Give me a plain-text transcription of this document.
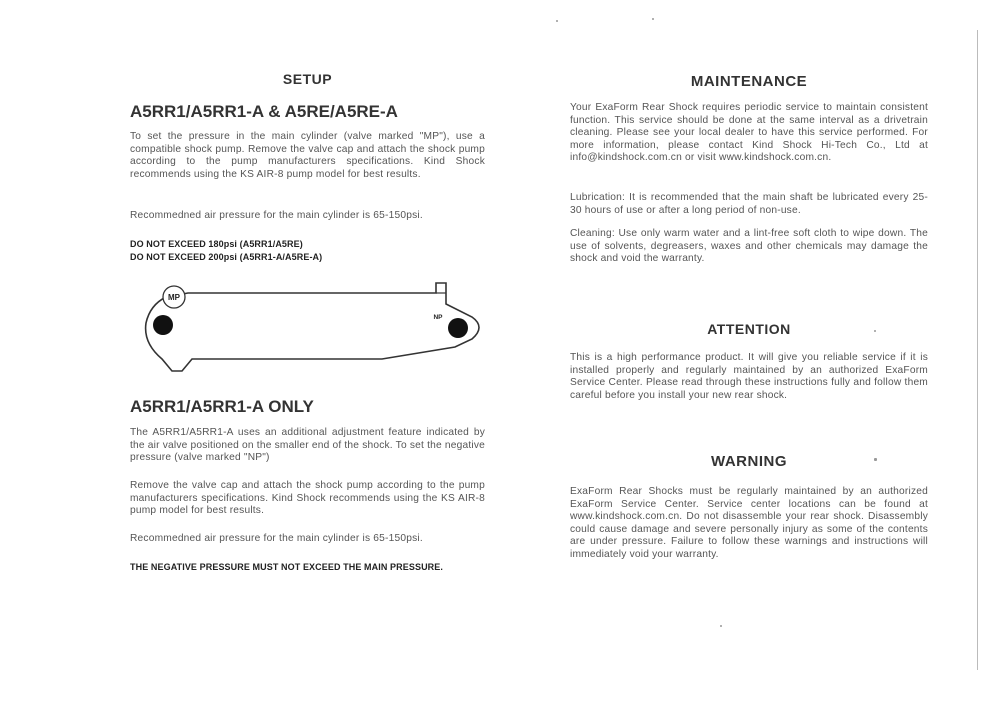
SETUP
A5RR1/A5RR1-A & A5RE/A5RE-A
To set the pressure in the main cylinder (valve marked "MP"), use a compatible shock pump. Remove the valve cap and attach the shock pump according to the pump manufacturers specifications. Kind Shock recommends using the KS AIR-8 pump model for best results.
Recommedned air pressure for the main cylinder is 65-150psi.
DO NOT EXCEED 180psi (A5RR1/A5RE)
DO NOT EXCEED 200psi (A5RR1-A/A5RE-A)
MP
NP
A5RR1/A5RR1-A ONLY
The A5RR1/A5RR1-A uses an additional adjustment feature indicated by the air valve positioned on the smaller end of the shock. To set the negative pressure (valve marked "NP")
Remove the valve cap and attach the shock pump according to the pump manufacturers specifications. Kind Shock recommends using the KS AIR-8 pump model for best results.
Recommedned air pressure for the main cylinder is 65-150psi.
THE NEGATIVE PRESSURE MUST NOT EXCEED THE MAIN PRESSURE.
MAINTENANCE
Your ExaForm Rear Shock requires periodic service to maintain consistent function. This service should be done at the same interval as a drivetrain cleaning. Please see your local dealer to have this service performed. For more information, please contact Kind Shock Hi-Tech Co., Ltd at info@kindshock.com.cn or visit www.kindshock.com.cn.
Lubrication: It is recommended that the main shaft be lubricated every 25-30 hours of use or after a long period of non-use.
Cleaning: Use only warm water and a lint-free soft cloth to wipe down. The use of solvents, degreasers, waxes and other chemicals may damage the shock and void the warranty.
ATTENTION
This is a high performance product. It will give you reliable service if it is installed properly and regularly maintained by an authorized ExaForm Service Center. Please read through these instructions fully and follow them careful before you install your new rear shock.
WARNING
ExaForm Rear Shocks must be regularly maintained by an authorized ExaForm Service Center. Service center locations can be found at www.kindshock.com.cn. Do not disassemble your rear shock. Disassembly could cause damage and severe personally injury as some of the contents are under pressure. Failure to follow these warnings and instructions will immediately void your warranty.
